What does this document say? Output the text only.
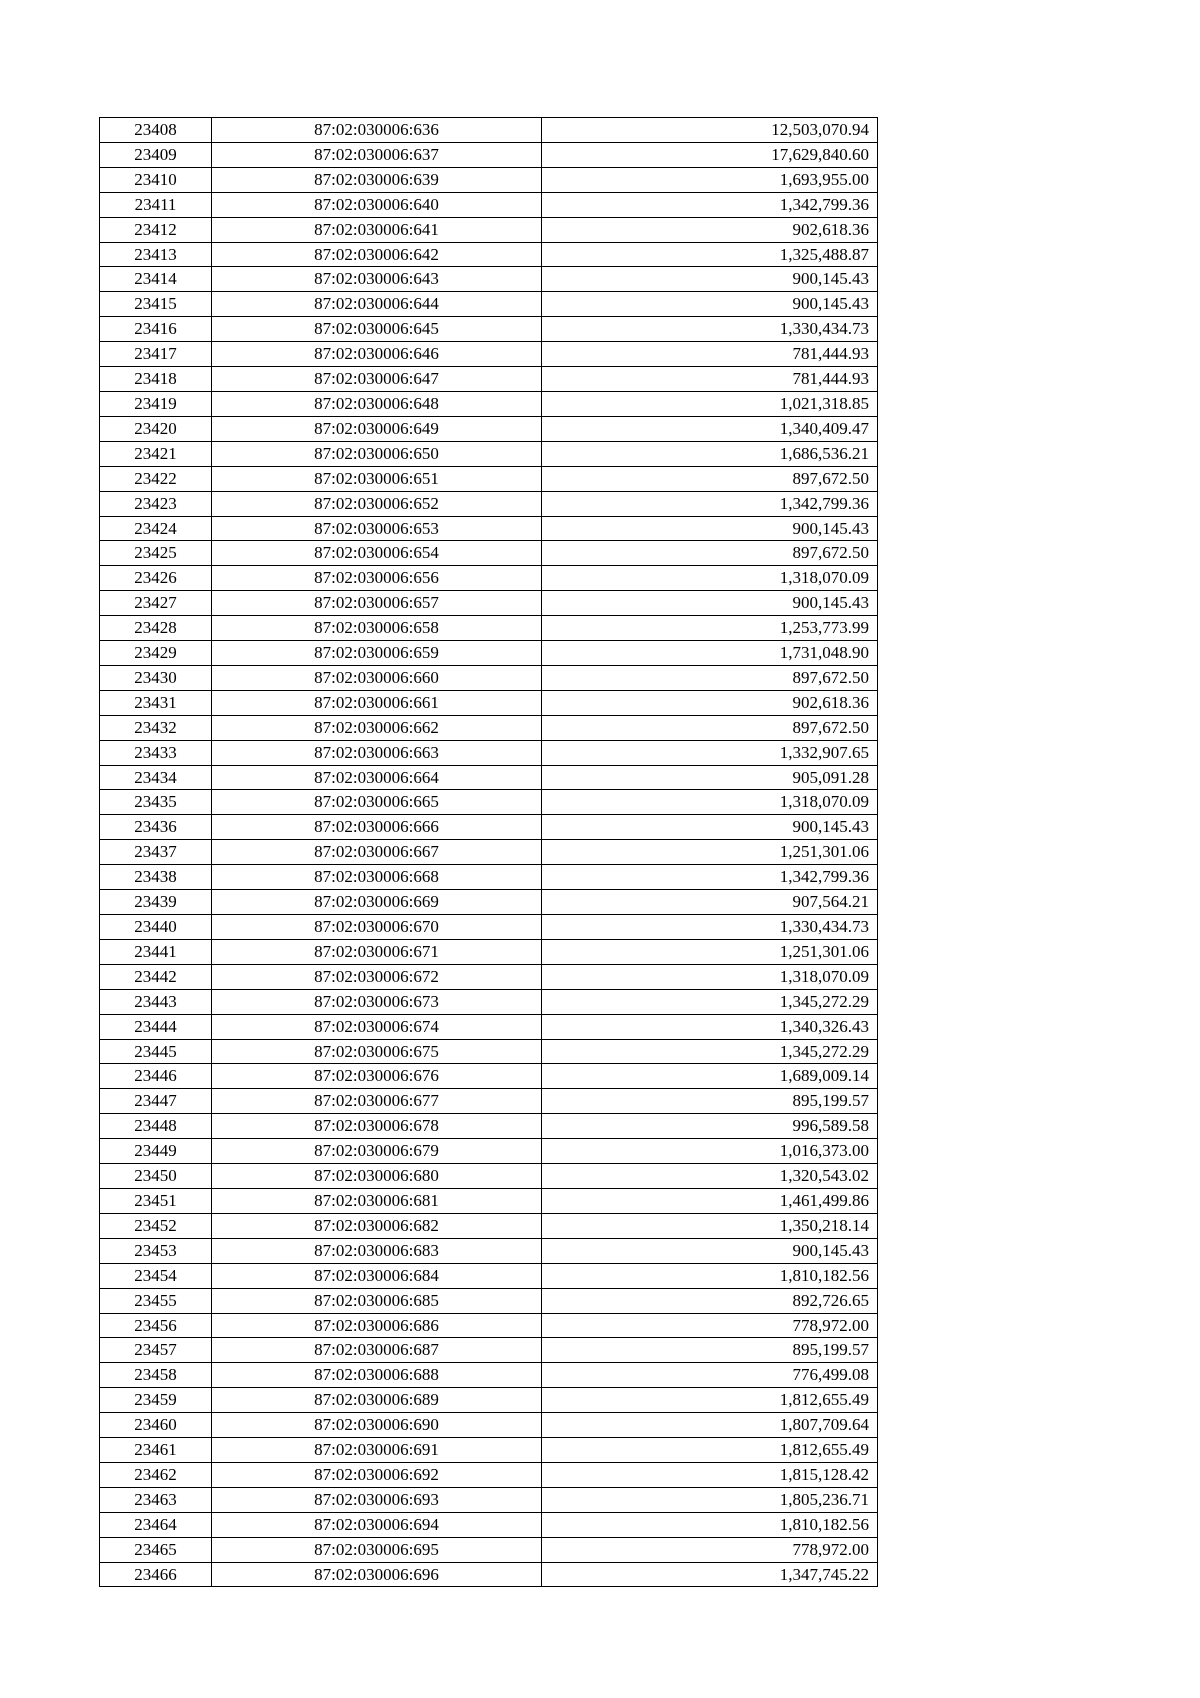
23408	87:02:030006:636	12,503,070.94
23409	87:02:030006:637	17,629,840.60
23410	87:02:030006:639	1,693,955.00
23411	87:02:030006:640	1,342,799.36
23412	87:02:030006:641	902,618.36
23413	87:02:030006:642	1,325,488.87
23414	87:02:030006:643	900,145.43
23415	87:02:030006:644	900,145.43
23416	87:02:030006:645	1,330,434.73
23417	87:02:030006:646	781,444.93
23418	87:02:030006:647	781,444.93
23419	87:02:030006:648	1,021,318.85
23420	87:02:030006:649	1,340,409.47
23421	87:02:030006:650	1,686,536.21
23422	87:02:030006:651	897,672.50
23423	87:02:030006:652	1,342,799.36
23424	87:02:030006:653	900,145.43
23425	87:02:030006:654	897,672.50
23426	87:02:030006:656	1,318,070.09
23427	87:02:030006:657	900,145.43
23428	87:02:030006:658	1,253,773.99
23429	87:02:030006:659	1,731,048.90
23430	87:02:030006:660	897,672.50
23431	87:02:030006:661	902,618.36
23432	87:02:030006:662	897,672.50
23433	87:02:030006:663	1,332,907.65
23434	87:02:030006:664	905,091.28
23435	87:02:030006:665	1,318,070.09
23436	87:02:030006:666	900,145.43
23437	87:02:030006:667	1,251,301.06
23438	87:02:030006:668	1,342,799.36
23439	87:02:030006:669	907,564.21
23440	87:02:030006:670	1,330,434.73
23441	87:02:030006:671	1,251,301.06
23442	87:02:030006:672	1,318,070.09
23443	87:02:030006:673	1,345,272.29
23444	87:02:030006:674	1,340,326.43
23445	87:02:030006:675	1,345,272.29
23446	87:02:030006:676	1,689,009.14
23447	87:02:030006:677	895,199.57
23448	87:02:030006:678	996,589.58
23449	87:02:030006:679	1,016,373.00
23450	87:02:030006:680	1,320,543.02
23451	87:02:030006:681	1,461,499.86
23452	87:02:030006:682	1,350,218.14
23453	87:02:030006:683	900,145.43
23454	87:02:030006:684	1,810,182.56
23455	87:02:030006:685	892,726.65
23456	87:02:030006:686	778,972.00
23457	87:02:030006:687	895,199.57
23458	87:02:030006:688	776,499.08
23459	87:02:030006:689	1,812,655.49
23460	87:02:030006:690	1,807,709.64
23461	87:02:030006:691	1,812,655.49
23462	87:02:030006:692	1,815,128.42
23463	87:02:030006:693	1,805,236.71
23464	87:02:030006:694	1,810,182.56
23465	87:02:030006:695	778,972.00
23466	87:02:030006:696	1,347,745.22
